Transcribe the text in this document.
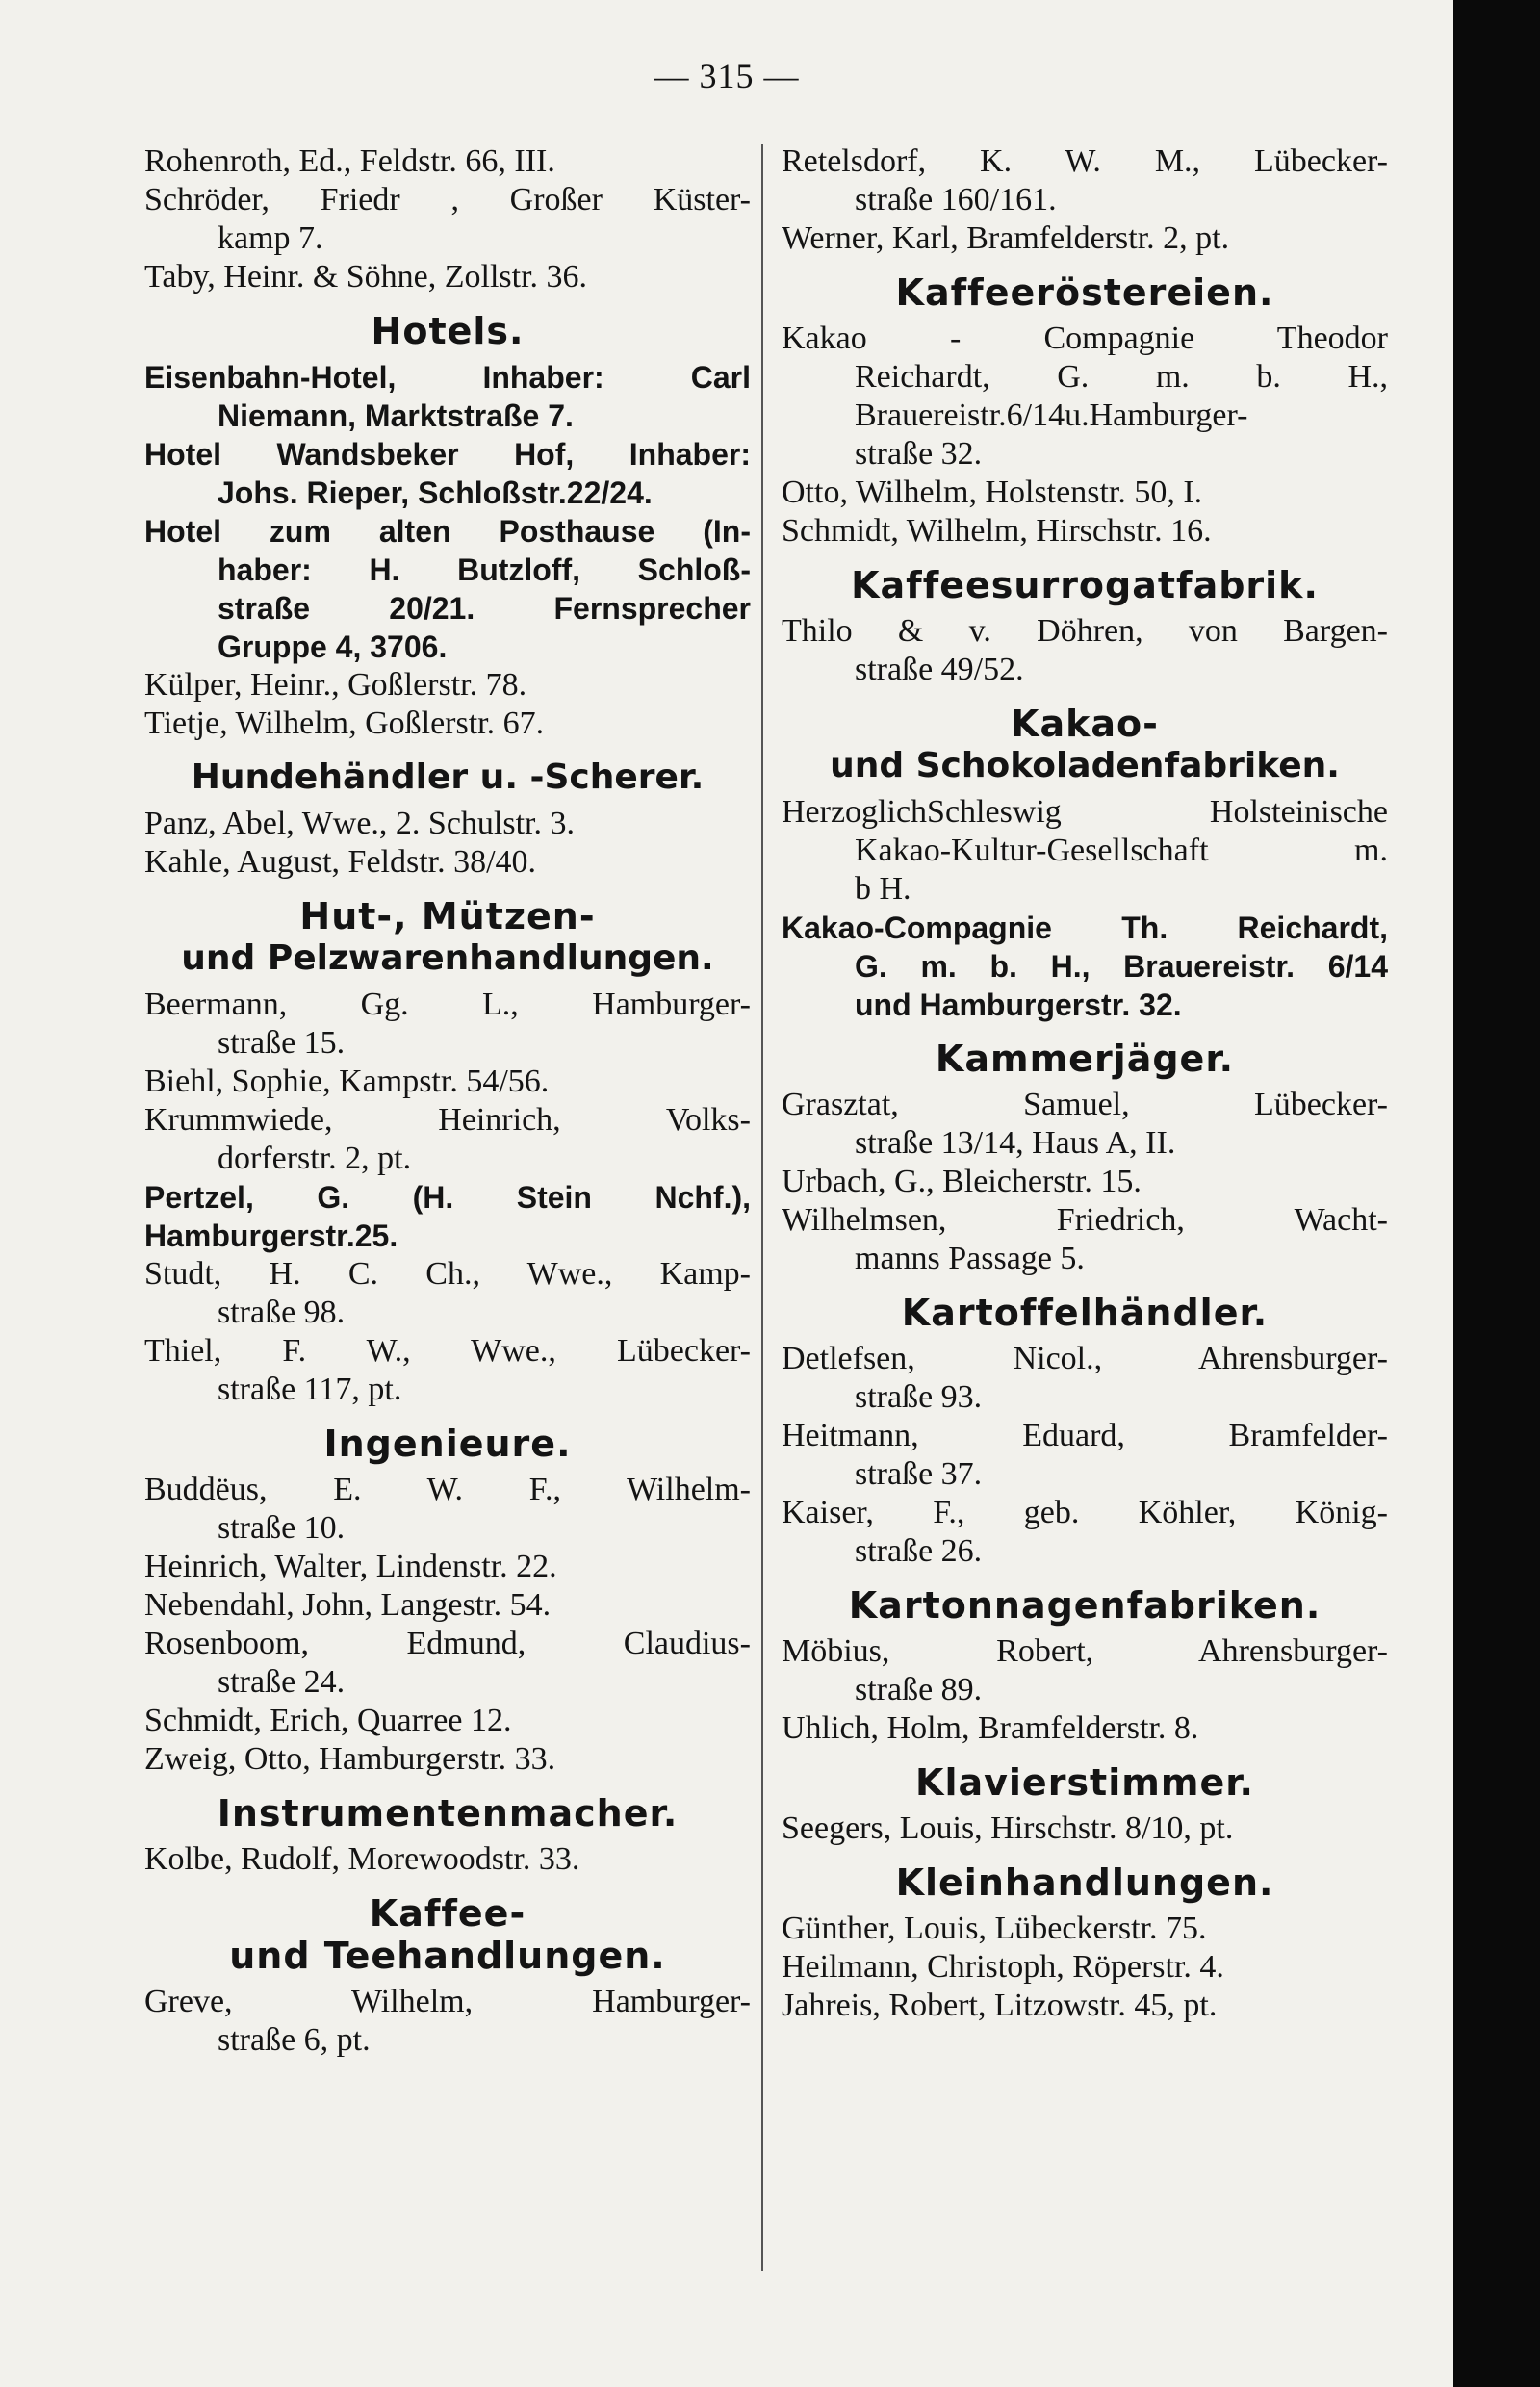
— 315 —
Rohenroth, Ed., Feldstr. 66, III.
Schröder, Friedr , Großer Küster-
kamp 7.
Taby, Heinr. & Söhne, Zollstr. 36.
Hotels.
Eisenbahn-Hotel, Inhaber: Carl
Niemann, Marktstraße 7.
Hotel Wandsbeker Hof, Inhaber:
Johs. Rieper, Schloßstr.22/24.
Hotel zum alten Posthause (In-
haber: H. Butzloff, Schloß-
straße 20/21. Fernsprecher
Gruppe 4, 3706.
Külper, Heinr., Goßlerstr. 78.
Tietje, Wilhelm, Goßlerstr. 67.
Hundehändler u. -Scherer.
Panz, Abel, Wwe., 2. Schulstr. 3.
Kahle, August, Feldstr. 38/40.
Hut-, Mützen-
und Pelzwarenhandlungen.
Beermann, Gg. L., Hamburger-
straße 15.
Biehl, Sophie, Kampstr. 54/56.
Krummwiede, Heinrich, Volks-
dorferstr. 2, pt.
Pertzel, G. (H. Stein Nchf.), Hamburgerstr.25.
Studt, H. C. Ch., Wwe., Kamp-
straße 98.
Thiel, F. W., Wwe., Lübecker-
straße 117, pt.
Ingenieure.
Buddëus, E. W. F., Wilhelm-
straße 10.
Heinrich, Walter, Lindenstr. 22.
Nebendahl, John, Langestr. 54.
Rosenboom, Edmund, Claudius-
straße 24.
Schmidt, Erich, Quarree 12.
Zweig, Otto, Hamburgerstr. 33.
Instrumentenmacher.
Kolbe, Rudolf, Morewoodstr. 33.
Kaffee-
und Teehandlungen.
Greve, Wilhelm, Hamburger-
straße 6, pt.
Retelsdorf, K. W. M., Lübecker-
straße 160/161.
Werner, Karl, Bramfelderstr. 2, pt.
Kaffeeröstereien.
Kakao - Compagnie Theodor
Reichardt, G. m. b. H.,
Brauereistr.6/14u.Hamburger-
straße 32.
Otto, Wilhelm, Holstenstr. 50, I.
Schmidt, Wilhelm, Hirschstr. 16.
Kaffeesurrogatfabrik.
Thilo & v. Döhren, von Bargen-
straße 49/52.
Kakao-
und Schokoladenfabriken.
HerzoglichSchleswig Holsteinische
Kakao-Kultur-Gesellschaft m.
b H.
Kakao-Compagnie Th. Reichardt,
G. m. b. H., Brauereistr. 6/14
und Hamburgerstr. 32.
Kammerjäger.
Grasztat, Samuel, Lübecker-
straße 13/14, Haus A, II.
Urbach, G., Bleicherstr. 15.
Wilhelmsen, Friedrich, Wacht-
manns Passage 5.
Kartoffelhändler.
Detlefsen, Nicol., Ahrensburger-
straße 93.
Heitmann, Eduard, Bramfelder-
straße 37.
Kaiser, F., geb. Köhler, König-
straße 26.
Kartonnagenfabriken.
Möbius, Robert, Ahrensburger-
straße 89.
Uhlich, Holm, Bramfelderstr. 8.
Klavierstimmer.
Seegers, Louis, Hirschstr. 8/10, pt.
Kleinhandlungen.
Günther, Louis, Lübeckerstr. 75.
Heilmann, Christoph, Röperstr. 4.
Jahreis, Robert, Litzowstr. 45, pt.
